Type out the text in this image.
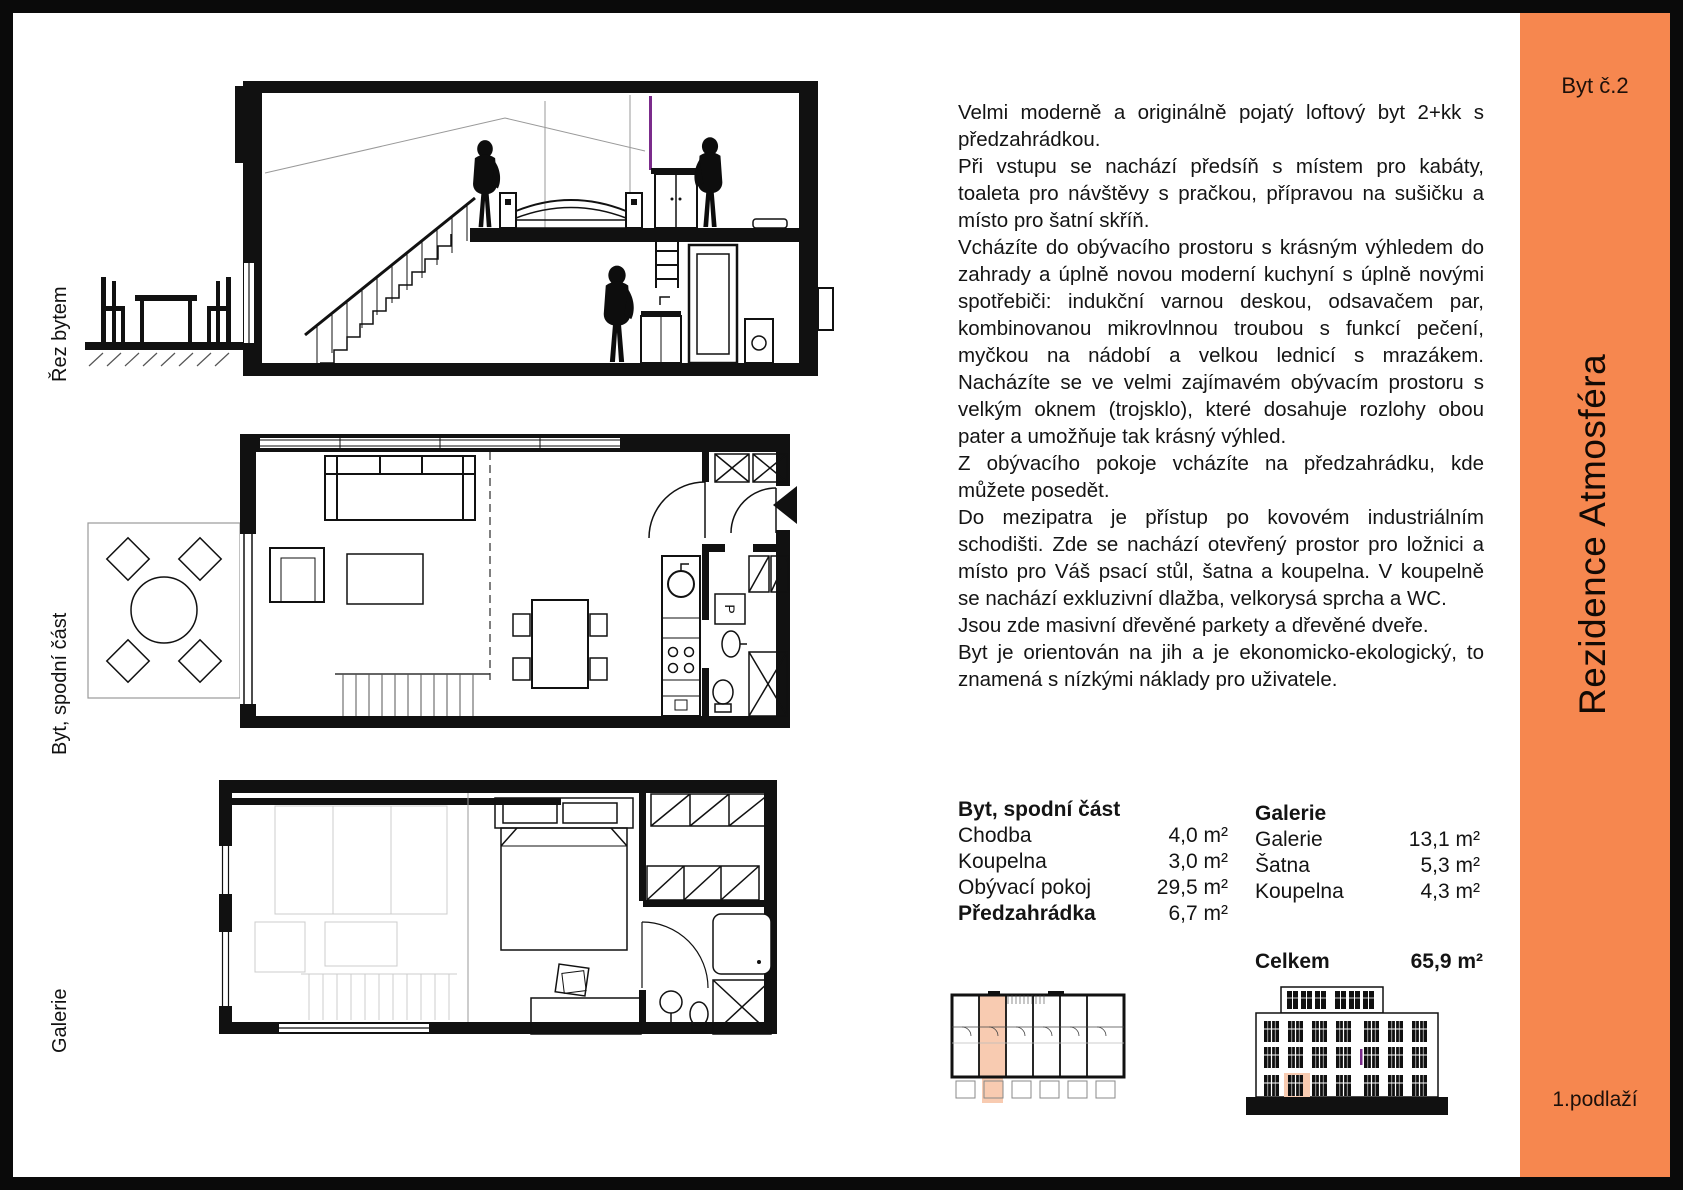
P
Řez bytem
Byt, spodní část
Galerie

Velmi moderně a originálně pojatý loftový byt 2+kk s předzahrádkou.

Při vstupu se nachází předsíň s místem pro kabáty, toaleta pro návštěvy s pračkou, přípravou na sušičku a místo pro šatní skříň.

Vcházíte do obývacího prostoru s krásným výhledem do zahrady a úplně novou moderní kuchyní s úplně novými spotřebiči: indukční varnou deskou, odsavačem par, kombinovanou mikrovlnnou troubou s funkcí pečení, myčkou na nádobí a velkou lednicí s mrazákem. Nacházíte se ve velmi zajímavém obývacím prostoru s velkým oknem (trojsklo), které dosahuje rozlohy obou pater a umožňuje tak krásný výhled.

Z obývacího pokoje vcházíte na předzahrádku, kde můžete posedět.

Do mezipatra je přístup po kovovém industriálním schodišti. Zde se nachází otevřený prostor pro ložnici a místo pro Váš psací stůl, šatna a koupelna. V koupelně se nachází exkluzivní dlažba, velkorysá sprcha a WC.

Jsou zde masivní dřevěné parkety a dřevěné dveře.

Byt je orientován na jih a je ekonomicko-ekologický, to znamená s nízkými náklady pro uživatele.

Byt, spodní část
Chodba	4,0 m²
Koupelna	3,0 m²
Obývací pokoj	29,5 m²
Předzahrádka	6,7 m²
Galerie
Galerie	13,1 m²
Šatna	5,3 m²
Koupelna	4,3 m²
Celkem	65,9 m²
Byt č.2
Rezidence Atmosféra
1.podlaží
